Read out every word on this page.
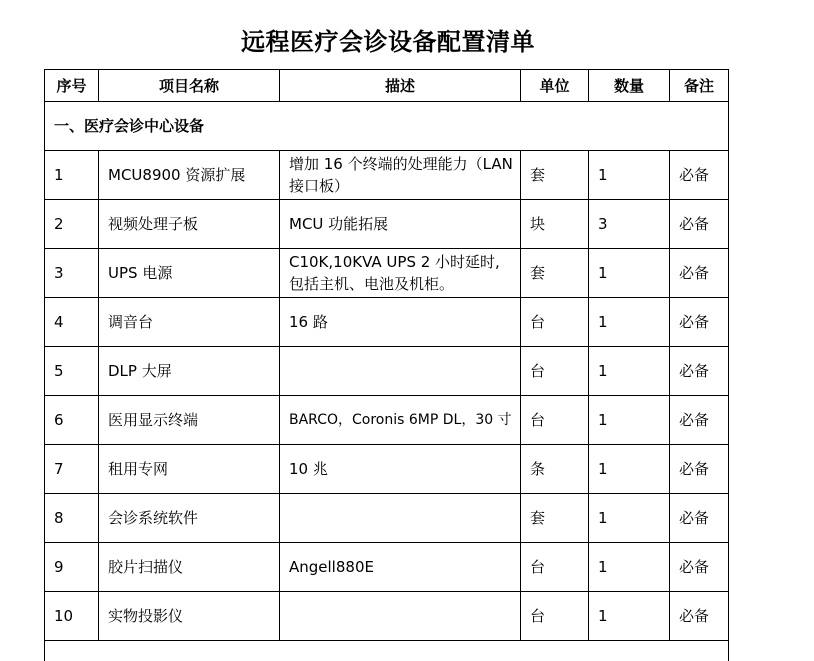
远程医疗会诊设备配置清单
序号	项目名称	描述	单位	数量	备注
一、医疗会诊中心设备					
1	MCU8900 资源扩展	增加 16 个终端的处理能力（LAN 接口板）	套	1	必备
2	视频处理子板	MCU 功能拓展	块	3	必备
3	UPS 电源	C10K,10KVA UPS 2 小时延时,包括主机、电池及机柜。	套	1	必备
4	调音台	16 路	台	1	必备
5	DLP 大屏		台	1	必备
6	医用显示终端	BARCO，Coronis 6MP DL，30 寸	台	1	必备
7	租用专网	10 兆	条	1	必备
8	会诊系统软件		套	1	必备
9	胶片扫描仪	Angell880E	台	1	必备
10	实物投影仪		台	1	必备
